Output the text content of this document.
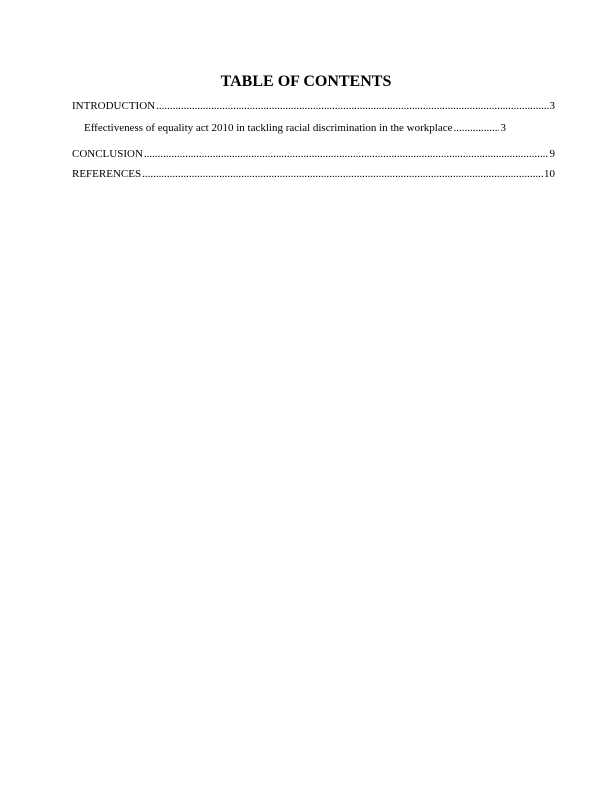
TABLE OF CONTENTS
INTRODUCTION .....	3
Effectiveness of equality act 2010 in tackling racial discrimination in the workplace .....	3
CONCLUSION .....	9
REFERENCES .....	10
